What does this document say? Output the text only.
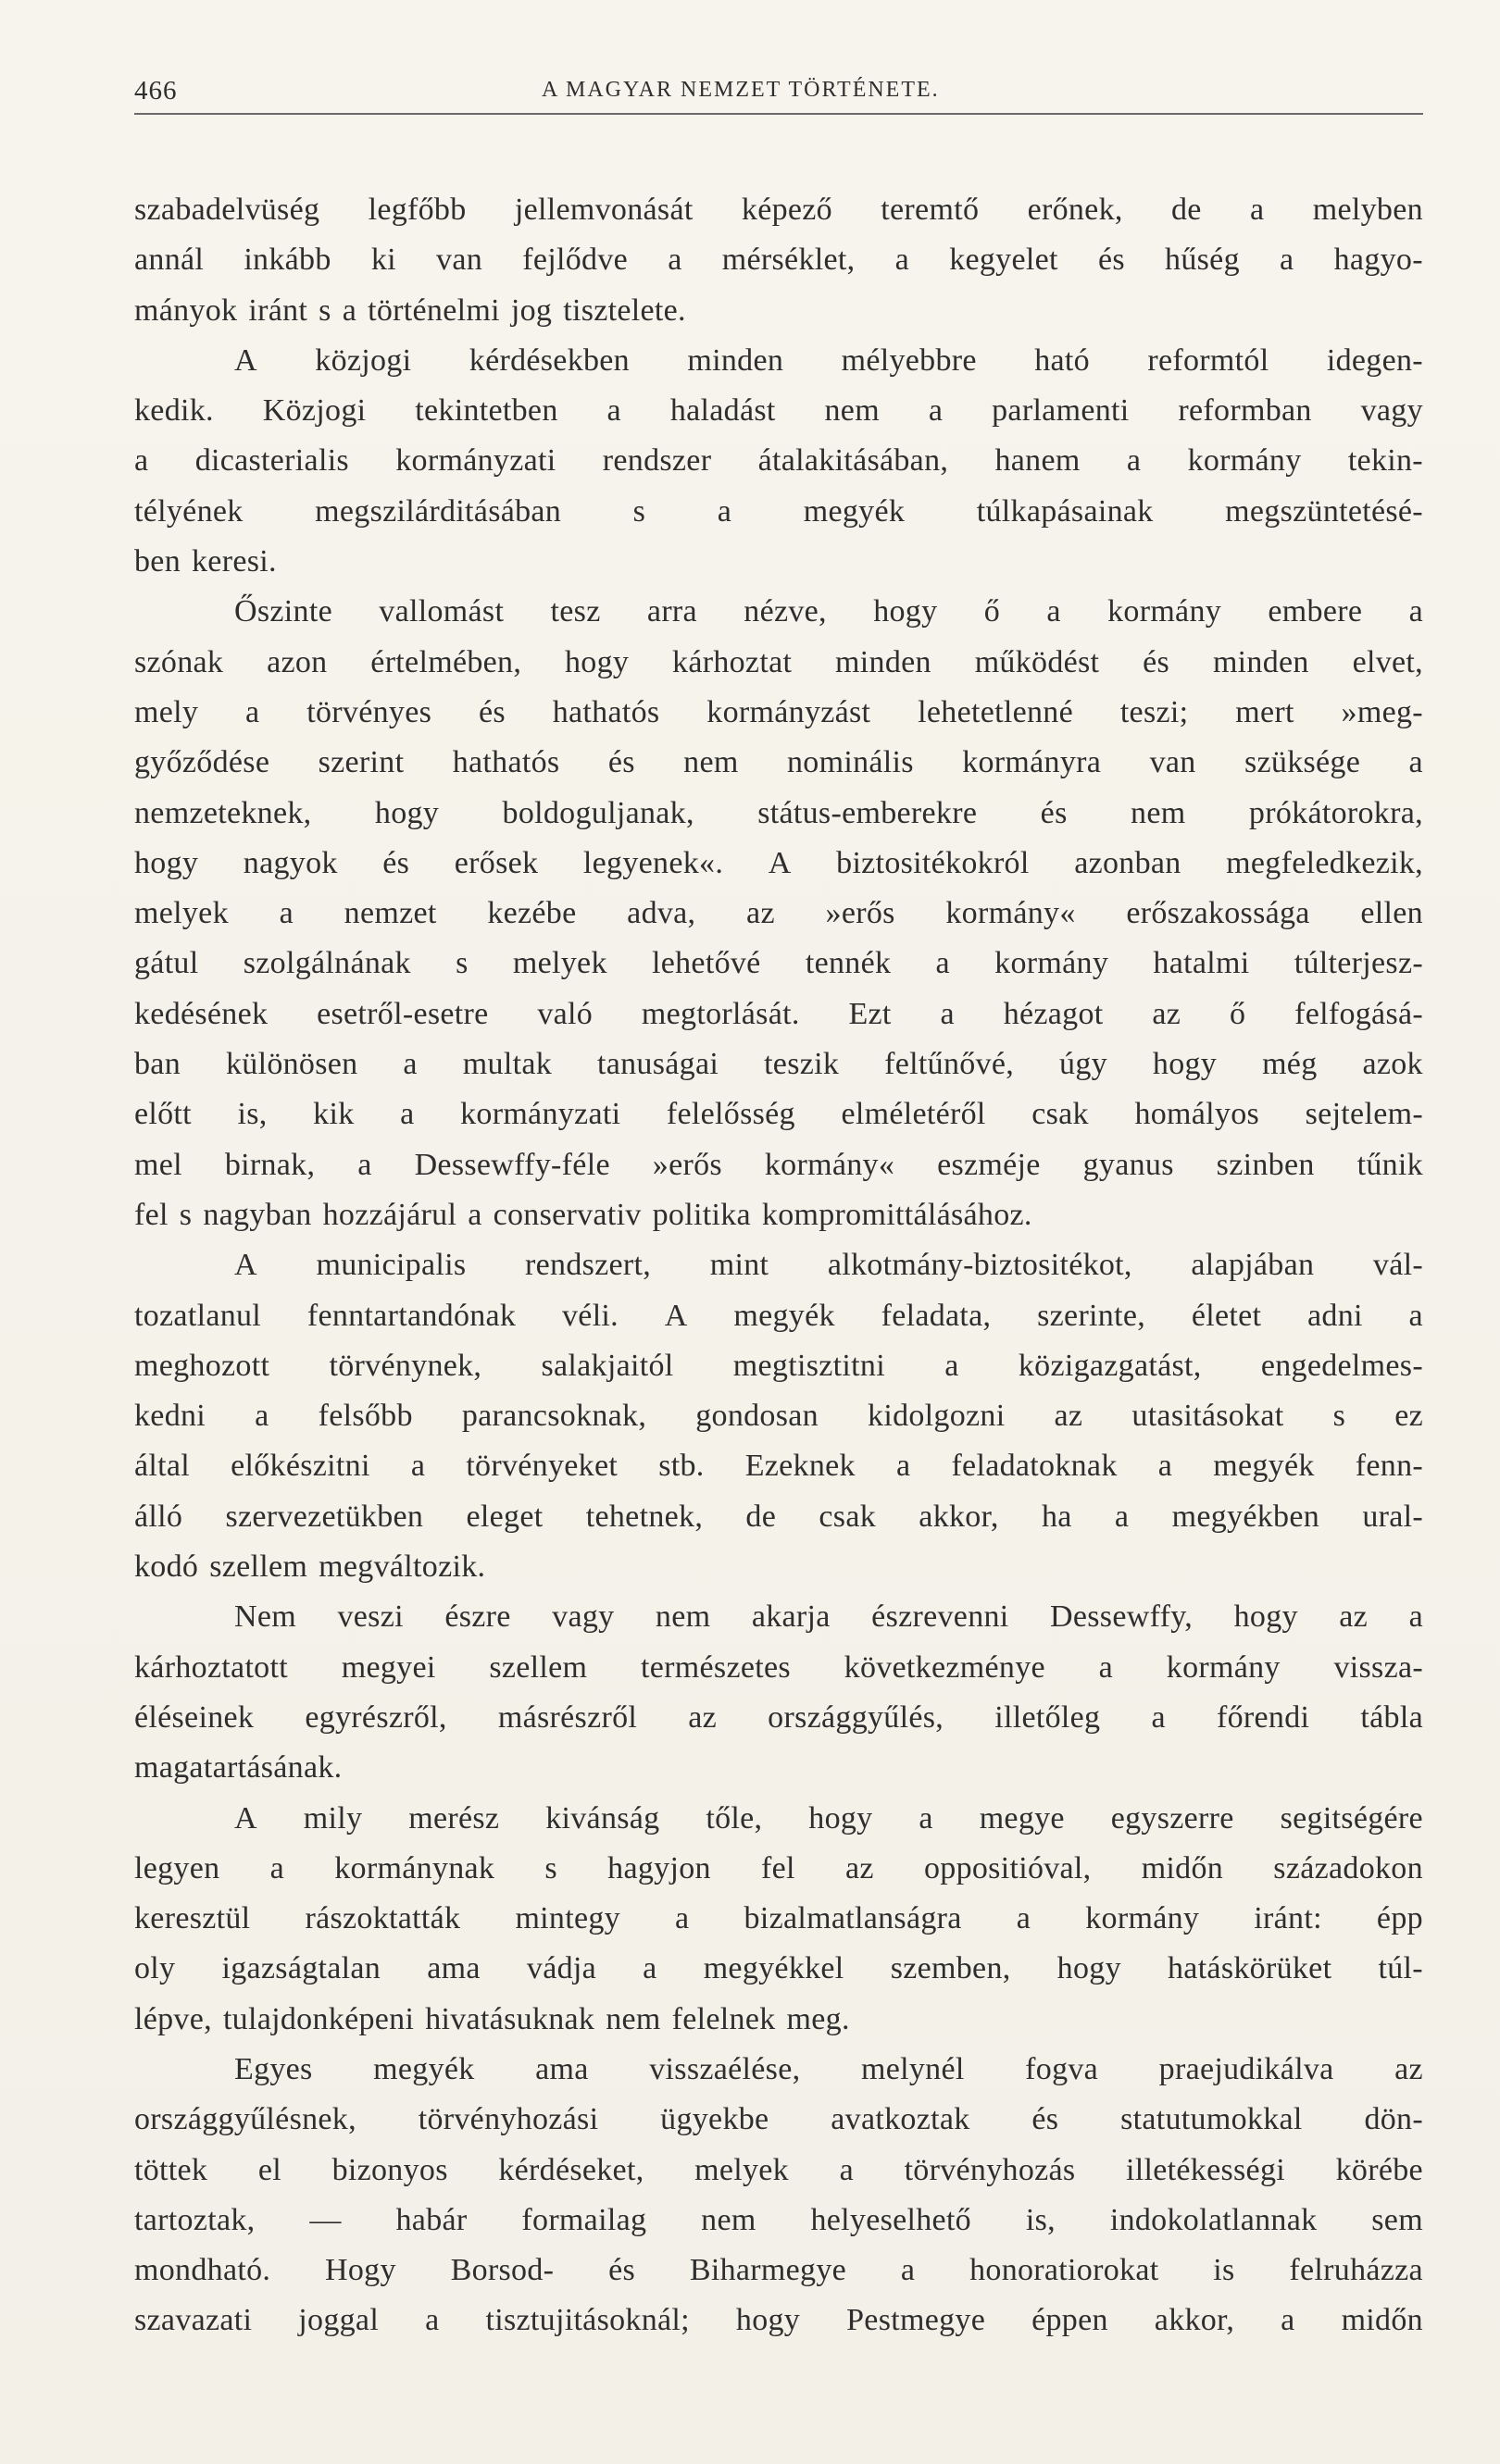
466	A MAGYAR NEMZET TÖRTÉNETE.
szabadelvüség legfőbb jellemvonását képező teremtő erőnek, de a melyben
annál inkább ki van fejlődve a mérséklet, a kegyelet és hűség a hagyo-
mányok iránt s a történelmi jog tisztelete.
A közjogi kérdésekben minden mélyebbre ható reformtól idegen-
kedik. Közjogi tekintetben a haladást nem a parlamenti reformban vagy
a dicasterialis kormányzati rendszer átalakitásában, hanem a kormány tekin-
télyének megszilárditásában s a megyék túlkapásainak megszüntetésé-
ben keresi.
Őszinte vallomást tesz arra nézve, hogy ő a kormány embere a
szónak azon értelmében, hogy kárhoztat minden működést és minden elvet,
mely a törvényes és hathatós kormányzást lehetetlenné teszi; mert »meg-
győződése szerint hathatós és nem nominális kormányra van szüksége a
nemzeteknek, hogy boldoguljanak, státus-emberekre és nem prókátorokra,
hogy nagyok és erősek legyenek«. A biztositékokról azonban megfeledkezik,
melyek a nemzet kezébe adva, az »erős kormány« erőszakossága ellen
gátul szolgálnának s melyek lehetővé tennék a kormány hatalmi túlterjesz-
kedésének esetről-esetre való megtorlását. Ezt a hézagot az ő felfogásá-
ban különösen a multak tanuságai teszik feltűnővé, úgy hogy még azok
előtt is, kik a kormányzati felelősség elméletéről csak homályos sejtelem-
mel birnak, a Dessewffy-féle »erős kormány« eszméje gyanus szinben tűnik
fel s nagyban hozzájárul a conservativ politika kompromittálásához.
A municipalis rendszert, mint alkotmány-biztositékot, alapjában vál-
tozatlanul fenntartandónak véli. A megyék feladata, szerinte, életet adni a
meghozott törvénynek, salakjaitól megtisztitni a közigazgatást, engedelmes-
kedni a felsőbb parancsoknak, gondosan kidolgozni az utasitásokat s ez
által előkészitni a törvényeket stb. Ezeknek a feladatoknak a megyék fenn-
álló szervezetükben eleget tehetnek, de csak akkor, ha a megyékben ural-
kodó szellem megváltozik.
Nem veszi észre vagy nem akarja észrevenni Dessewffy, hogy az a
kárhoztatott megyei szellem természetes következménye a kormány vissza-
éléseinek egyrészről, másrészről az országgyűlés, illetőleg a főrendi tábla
magatartásának.
A mily merész kivánság tőle, hogy a megye egyszerre segitségére
legyen a kormánynak s hagyjon fel az oppositióval, midőn századokon
keresztül rászoktatták mintegy a bizalmatlanságra a kormány iránt: épp
oly igazságtalan ama vádja a megyékkel szemben, hogy hatáskörüket túl-
lépve, tulajdonképeni hivatásuknak nem felelnek meg.
Egyes megyék ama visszaélése, melynél fogva praejudikálva az
országgyűlésnek, törvényhozási ügyekbe avatkoztak és statutumokkal dön-
töttek el bizonyos kérdéseket, melyek a törvényhozás illetékességi körébe
tartoztak, — habár formailag nem helyeselhető is, indokolatlannak sem
mondható. Hogy Borsod- és Biharmegye a honoratiorokat is felruházza
szavazati joggal a tisztujitásoknál; hogy Pestmegye éppen akkor, a midőn
